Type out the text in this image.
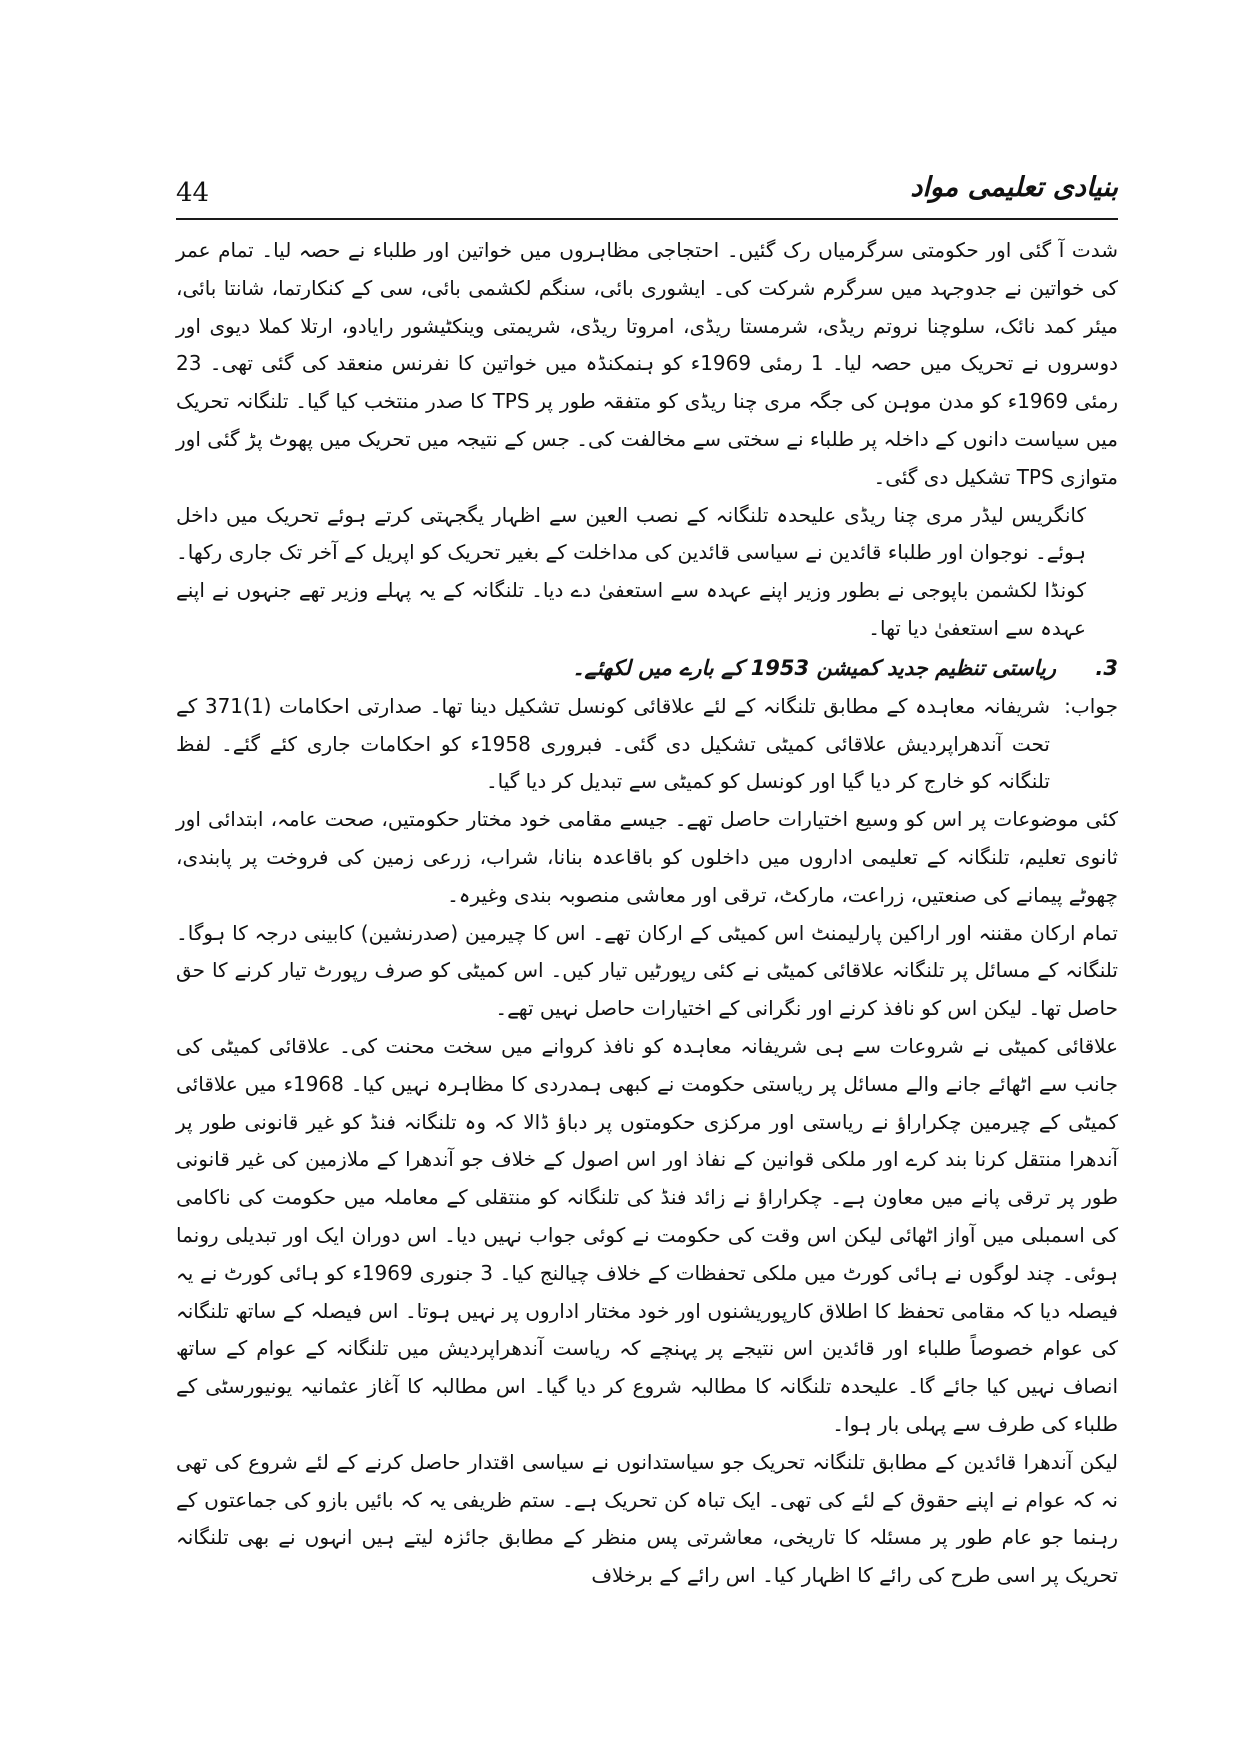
44	بنیادی تعلیمی مواد

شدت آ گئی اور حکومتی سرگرمیاں رک گئیں۔ احتجاجی مظاہروں میں خواتین اور طلباء نے حصہ لیا۔ تمام عمر کی خواتین نے جدوجہد میں سرگرم شرکت کی۔ ایشوری بائی، سنگم لکشمی بائی، سی کے کنکارتما، شانتا بائی، میئر کمد نائک، سلوچنا نروتم ریڈی، شرمستا ریڈی، امروتا ریڈی، شریمتی وینکٹیشور رایادو، ارتلا کملا دیوی اور دوسروں نے تحریک میں حصہ لیا۔ 1 رمئی 1969ء کو ہنمکنڈہ میں خواتین کا نفرنس منعقد کی گئی تھی۔ 23 رمئی 1969ء کو مدن موہن کی جگہ مری چنا ریڈی کو متفقہ طور پر TPS کا صدر منتخب کیا گیا۔ تلنگانہ تحریک میں سیاست دانوں کے داخلہ پر طلباء نے سختی سے مخالفت کی۔ جس کے نتیجہ میں تحریک میں پھوٹ پڑ گئی اور متوازی TPS تشکیل دی گئی۔

کانگریس لیڈر مری چنا ریڈی علیحدہ تلنگانہ کے نصب العین سے اظہار یگجہتی کرتے ہوئے تحریک میں داخل ہوئے۔ نوجوان اور طلباء قائدین نے سیاسی قائدین کی مداخلت کے بغیر تحریک کو اپریل کے آخر تک جاری رکھا۔ کونڈا لکشمن باپوجی نے بطور وزیر اپنے عہدہ سے استعفیٰ دے دیا۔ تلنگانہ کے یہ پہلے وزیر تھے جنہوں نے اپنے عہدہ سے استعفیٰ دیا تھا۔

3.
ریاستی تنظیم جدید کمیشن 1953 کے بارے میں لکھئے۔
جواب:

شریفانہ معاہدہ کے مطابق تلنگانہ کے لئے علاقائی کونسل تشکیل دینا تھا۔ صدارتی احکامات (1)371 کے تحت آندھراپردیش علاقائی کمیٹی تشکیل دی گئی۔ فبروری 1958ء کو احکامات جاری کئے گئے۔ لفظ تلنگانہ کو خارج کر دیا گیا اور کونسل کو کمیٹی سے تبدیل کر دیا گیا۔

کئی موضوعات پر اس کو وسیع اختیارات حاصل تھے۔ جیسے مقامی خود مختار حکومتیں، صحت عامہ، ابتدائی اور ثانوی تعلیم، تلنگانہ کے تعلیمی اداروں میں داخلوں کو باقاعدہ بنانا، شراب، زرعی زمین کی فروخت پر پابندی، چھوٹے پیمانے کی صنعتیں، زراعت، مارکٹ، ترقی اور معاشی منصوبہ بندی وغیرہ۔

تمام ارکان مقننہ اور اراکین پارلیمنٹ اس کمیٹی کے ارکان تھے۔ اس کا چیرمین (صدرنشین) کابینی درجہ کا ہوگا۔ تلنگانہ کے مسائل پر تلنگانہ علاقائی کمیٹی نے کئی رپورٹیں تیار کیں۔ اس کمیٹی کو صرف رپورٹ تیار کرنے کا حق حاصل تھا۔ لیکن اس کو نافذ کرنے اور نگرانی کے اختیارات حاصل نہیں تھے۔

علاقائی کمیٹی نے شروعات سے ہی شریفانہ معاہدہ کو نافذ کروانے میں سخت محنت کی۔ علاقائی کمیٹی کی جانب سے اٹھائے جانے والے مسائل پر ریاستی حکومت نے کبھی ہمدردی کا مظاہرہ نہیں کیا۔ 1968ء میں علاقائی کمیٹی کے چیرمین چکراراؤ نے ریاستی اور مرکزی حکومتوں پر دباؤ ڈالا کہ وہ تلنگانہ فنڈ کو غیر قانونی طور پر آندھرا منتقل کرنا بند کرے اور ملکی قوانین کے نفاذ اور اس اصول کے خلاف جو آندھرا کے ملازمین کی غیر قانونی طور پر ترقی پانے میں معاون ہے۔ چکراراؤ نے زائد فنڈ کی تلنگانہ کو منتقلی کے معاملہ میں حکومت کی ناکامی کی اسمبلی میں آواز اٹھائی لیکن اس وقت کی حکومت نے کوئی جواب نہیں دیا۔ اس دوران ایک اور تبدیلی رونما ہوئی۔ چند لوگوں نے ہائی کورٹ میں ملکی تحفظات کے خلاف چیالنج کیا۔ 3 جنوری 1969ء کو ہائی کورٹ نے یہ فیصلہ دیا کہ مقامی تحفظ کا اطلاق کارپوریشنوں اور خود مختار اداروں پر نہیں ہوتا۔ اس فیصلہ کے ساتھ تلنگانہ کی عوام خصوصاً طلباء اور قائدین اس نتیجے پر پہنچے کہ ریاست آندھراپردیش میں تلنگانہ کے عوام کے ساتھ انصاف نہیں کیا جائے گا۔ علیحدہ تلنگانہ کا مطالبہ شروع کر دیا گیا۔ اس مطالبہ کا آغاز عثمانیہ یونیورسٹی کے طلباء کی طرف سے پہلی بار ہوا۔

لیکن آندھرا قائدین کے مطابق تلنگانہ تحریک جو سیاستدانوں نے سیاسی اقتدار حاصل کرنے کے لئے شروع کی تھی نہ کہ عوام نے اپنے حقوق کے لئے کی تھی۔ ایک تباہ کن تحریک ہے۔ ستم ظریفی یہ کہ بائیں بازو کی جماعتوں کے رہنما جو عام طور پر مسئلہ کا تاریخی، معاشرتی پس منظر کے مطابق جائزہ لیتے ہیں انہوں نے بھی تلنگانہ تحریک پر اسی طرح کی رائے کا اظہار کیا۔ اس رائے کے برخلاف
